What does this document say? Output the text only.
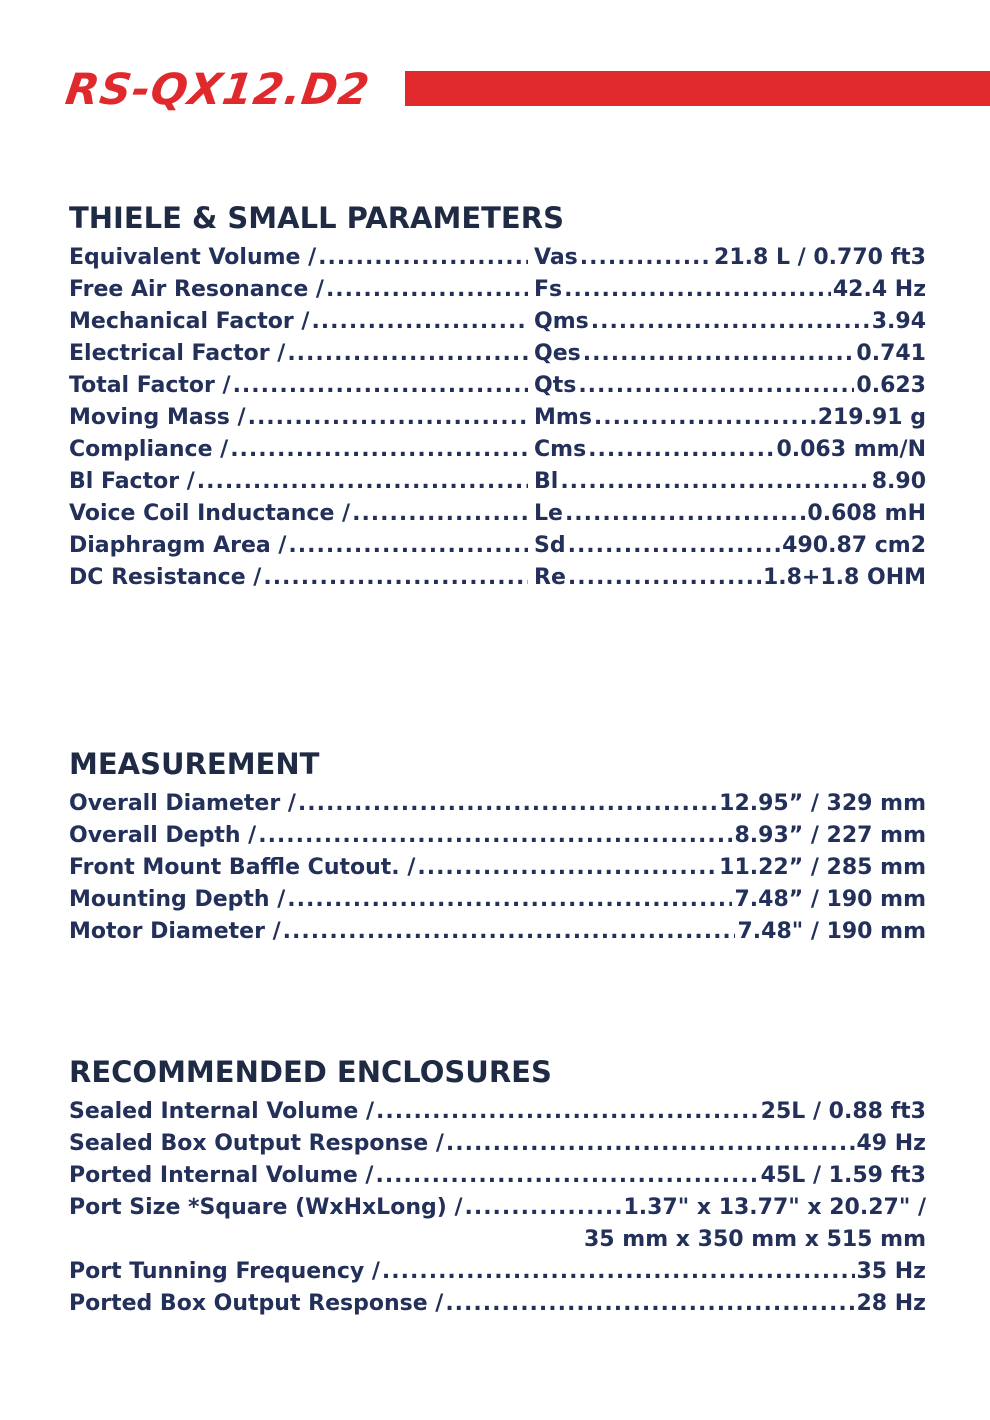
RS-QX12.D2
THIELE & SMALL PARAMETERS
Equivalent Volume / .....	Vas .....	21.8 L / 0.770 ft3
Free Air Resonance / .....	Fs .....	42.4 Hz
Mechanical Factor / .....	Qms .....	3.94
Electrical Factor / .....	Qes .....	0.741
Total Factor / .....	Qts .....	0.623
Moving Mass / .....	Mms .....	219.91 g
Compliance / .....	Cms .....	0.063 mm/N
Bl Factor / .....	Bl .....	8.90
Voice Coil Inductance / .....	Le .....	0.608 mH
Diaphragm Area / .....	Sd .....	490.87 cm2
DC Resistance / .....	Re .....	1.8+1.8 OHM
MEASUREMENT
Overall Diameter / .....	12.95” / 329 mm
Overall Depth / .....	8.93” / 227 mm
Front Mount Baffle Cutout. / .....	11.22” / 285 mm
Mounting Depth / .....	7.48” / 190 mm
Motor Diameter / .....	7.48" / 190 mm
RECOMMENDED ENCLOSURES
Sealed Internal Volume / .....	25L / 0.88 ft3
Sealed Box Output Response / .....	49 Hz
Ported Internal Volume / .....	45L / 1.59 ft3
Port Size *Square (WxHxLong) / .....	1.37" x 13.77" x 20.27" /
35 mm x 350 mm x 515 mm
Port Tunning Frequency / .....	35 Hz
Ported Box Output Response / .....	28 Hz
